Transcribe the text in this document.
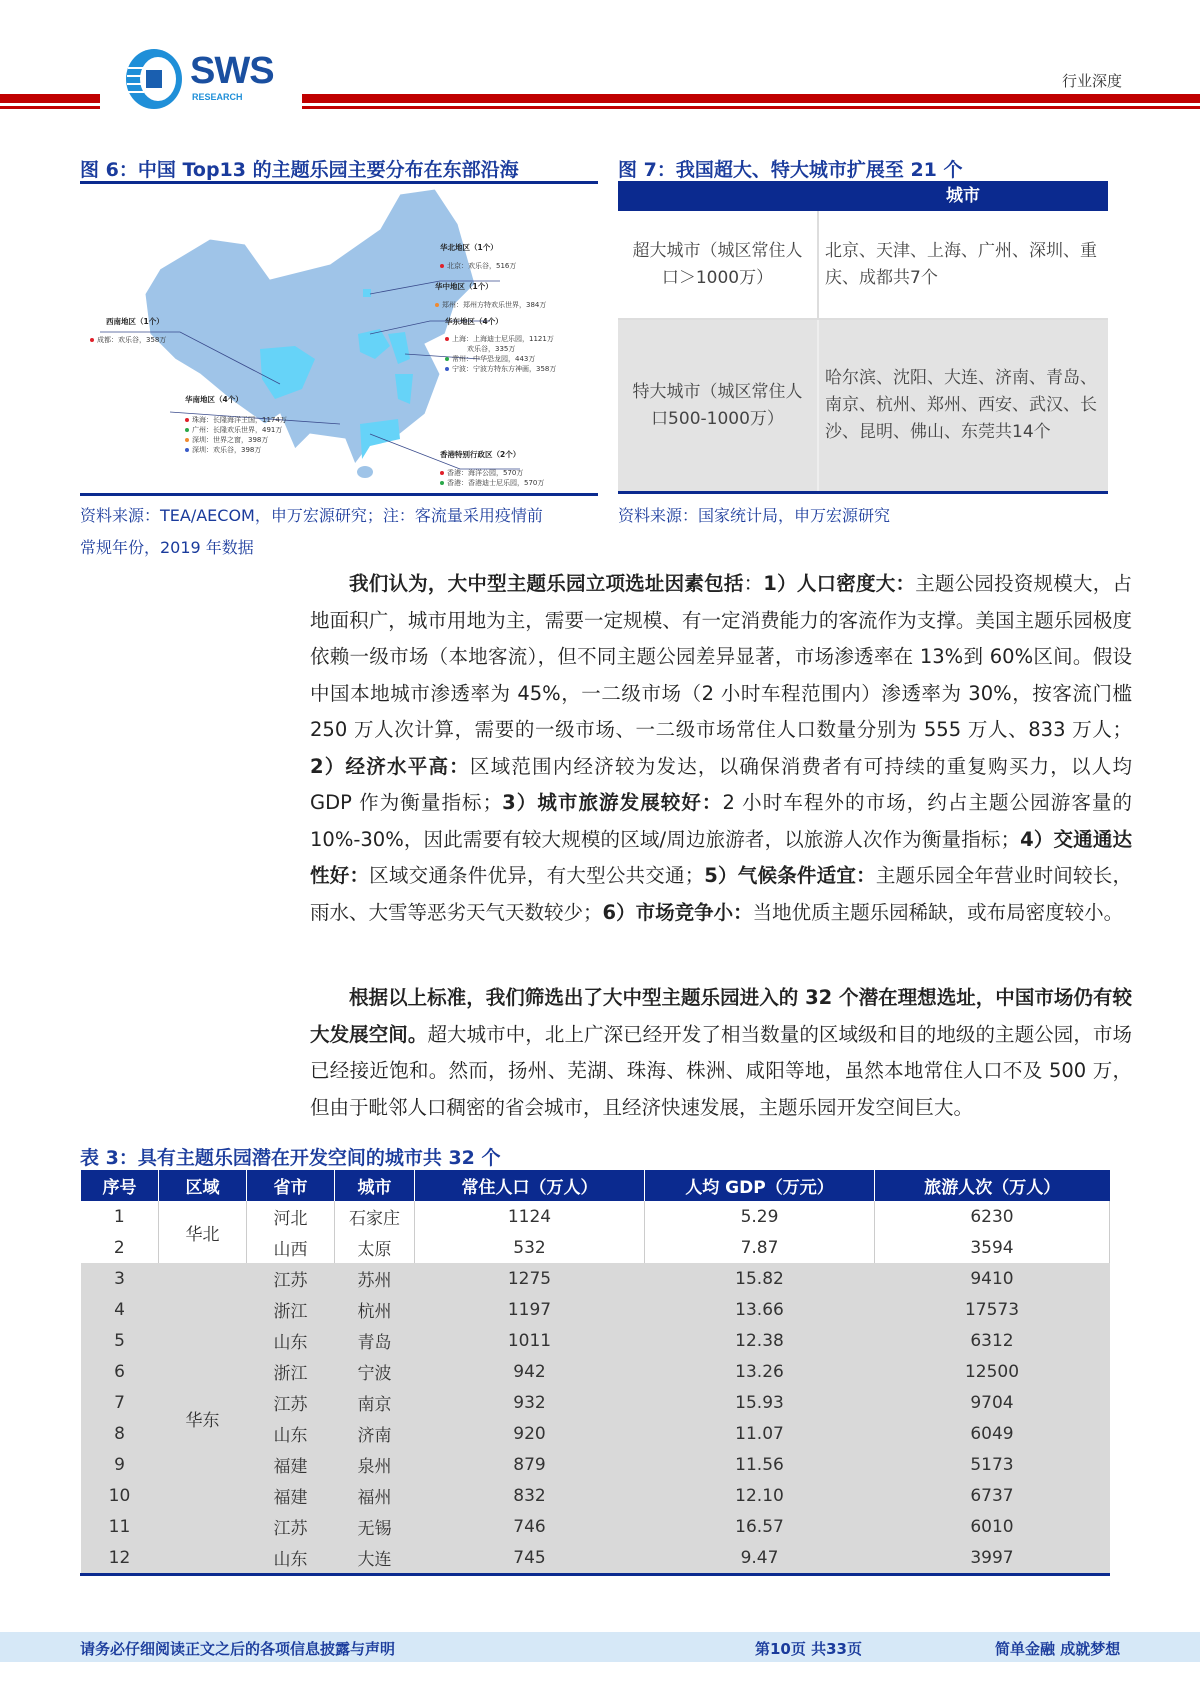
SWS
RESEARCH
行业深度
图 6：中国 Top13 的主题乐园主要分布在东部沿海
华北地区（1个）
北京：欢乐谷，516万
华中地区（1个）
郑州：郑州方特欢乐世界，384万
华东地区（4个）
上海：上海迪士尼乐园，1121万
欢乐谷，335万
常州：中华恐龙园，443万
宁波：宁波方特东方神画，358万
西南地区（1个）
成都：欢乐谷，358万
华南地区（4个）
珠海：长隆海洋王国，1174万
广州：长隆欢乐世界，491万
深圳：世界之窗，398万
深圳：欢乐谷，398万	香港特别行政区（2个）
香港：海洋公园，570万
香港：香港迪士尼乐园，570万
资料来源：TEA/AECOM，申万宏源研究；注：客流量采用疫情前常规年份，2019 年数据
图 7：我国超大、特大城市扩展至 21 个
	城市
超大城市（城区常住人口＞1000万）	北京、天津、上海、广州、深圳、重庆、成都共7个
特大城市（城区常住人口500-1000万）	哈尔滨、沈阳、大连、济南、青岛、南京、杭州、郑州、西安、武汉、长沙、昆明、佛山、东莞共14个
资料来源：国家统计局，申万宏源研究
我们认为，大中型主题乐园立项选址因素包括：1）人口密度大：主题公园投资规模大，占地面积广，城市用地为主，需要一定规模、有一定消费能力的客流作为支撑。美国主题乐园极度依赖一级市场（本地客流），但不同主题公园差异显著，市场渗透率在 13%到 60%区间。假设中国本地城市渗透率为 45%，一二级市场（2 小时车程范围内）渗透率为 30%，按客流门槛 250 万人次计算，需要的一级市场、一二级市场常住人口数量分别为 555 万人、833 万人；2）经济水平高：区域范围内经济较为发达，以确保消费者有可持续的重复购买力，以人均 GDP 作为衡量指标；3）城市旅游发展较好：2 小时车程外的市场，约占主题公园游客量的 10%-30%，因此需要有较大规模的区域/周边旅游者，以旅游人次作为衡量指标；4）交通通达性好：区域交通条件优异，有大型公共交通；5）气候条件适宜：主题乐园全年营业时间较长，雨水、大雪等恶劣天气天数较少；6）市场竞争小：当地优质主题乐园稀缺，或布局密度较小。
根据以上标准，我们筛选出了大中型主题乐园进入的 32 个潜在理想选址，中国市场仍有较大发展空间。超大城市中，北上广深已经开发了相当数量的区域级和目的地级的主题公园，市场已经接近饱和。然而，扬州、芜湖、珠海、株洲、咸阳等地，虽然本地常住人口不及 500 万，但由于毗邻人口稠密的省会城市，且经济快速发展，主题乐园开发空间巨大。
表 3：具有主题乐园潜在开发空间的城市共 32 个
序号	区域	省市	城市	常住人口（万人）	人均 GDP（万元）	旅游人次（万人）
1	华北	河北	石家庄	1124	5.29	6230
2		山西	太原	532	7.87	3594
3	华东	江苏	苏州	1275	15.82	9410
4		浙江	杭州	1197	13.66	17573
5		山东	青岛	1011	12.38	6312
6		浙江	宁波	942	13.26	12500
7		江苏	南京	932	15.93	9704
8		山东	济南	920	11.07	6049
9		福建	泉州	879	11.56	5173
10		福建	福州	832	12.10	6737
11		江苏	无锡	746	16.57	6010
12		山东	大连	745	9.47	3997
请务必仔细阅读正文之后的各项信息披露与声明	第10页 共33页	简单金融 成就梦想
